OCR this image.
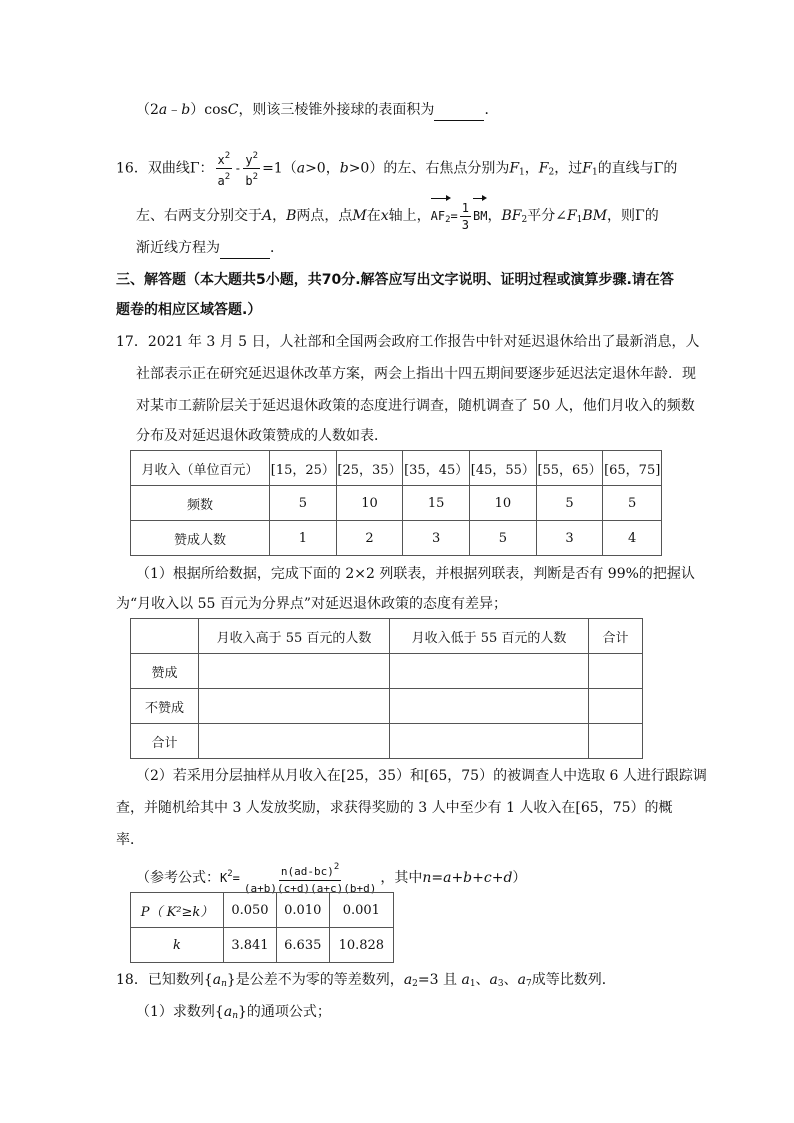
（2a﹣b）cosC，则该三棱锥外接球的表面积为	．
16．双曲线Γ： $\frac{x^2}{a^2} - \frac{y^2}{b^2} =1(a>0$，b>0）的左、右焦点分别为$F_1$，$F_2$，过$F_1$的直线与Γ的
左、右两支分别交于A，B两点，点M在x轴上，$AF_2= \frac{1}{3}$ BM，$BF_2$平分$\angle F_1BM$，则Γ的
渐近线方程为	．
三、解答题（本大题共5小题，共70分.解答应写出文字说明、证明过程或演算步骤.请在答
题卷的相应区域答题.）
17．2021 年 3 月 5 日，人社部和全国两会政府工作报告中针对延迟退休给出了最新消息，人
社部表示正在研究延迟退休改革方案，两会上指出十四五期间要逐步延迟法定退休年龄．现
对某市工薪阶层关于延迟退休政策的态度进行调查，随机调查了 50 人，他们月收入的频数
分布及对延迟退休政策赞成的人数如表．
月收入（单位百元）	[15，25）	[25，35）	[35，45）	[45，55）	[55，65）	[65，75]
频数	5	10	15	10	5	5
赞成人数	1	2	3	5	3	4
（1）根据所给数据，完成下面的 2×2 列联表，并根据列联表，判断是否有 99%的把握认
为“月收入以 55 百元为分界点”对延迟退休政策的态度有差异；
	月收入高于 55 百元的人数	月收入低于 55 百元的人数	合计
赞成			
不赞成			
合计			
（2）若采用分层抽样从月收入在[25，35）和[65，75）的被调查人中选取 6 人进行跟踪调
查，并随机给其中 3 人发放奖励，求获得奖励的 3 人中至少有 1 人收入在[65，75）的概
率．
（参考公式：$K^2= \frac{n(ad-bc)^2}{(a+b)(c+d)(a+c)(b+d)}$ ，其中n=a+b+c+d）
P（ K²≥k）	0.050	0.010	0.001
k	3.841	6.635	10.828
18．已知数列$\{a_n\}$是公差不为零的等差数列，$a_2=3$ 且 $a_1$、$a_3$、$a_7$成等比数列．
（1）求数列$\{a_n\}$的通项公式；
